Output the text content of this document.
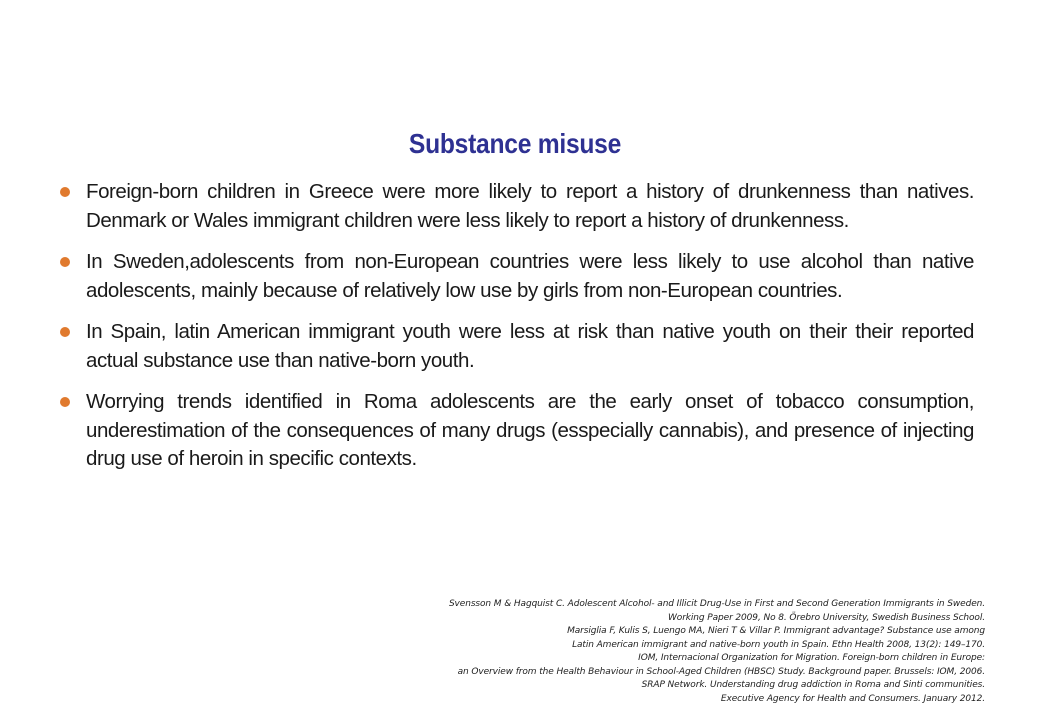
Substance misuse
Foreign-born children in Greece were more likely to report a history of drunkenness than natives. Denmark or Wales immigrant children were less likely to report a history of drunkenness.
In Sweden,adolescents from non-European countries were less likely to use alcohol than native adolescents, mainly because of relatively low use by girls from non-European countries.
In Spain, latin American immigrant youth were less at risk than native youth on their their reported actual substance use than native-born youth.
Worrying trends identified in Roma adolescents are the early onset of tobacco consumption, underestimation of the consequences of many drugs (esspecially cannabis), and presence of injecting drug use of heroin in specific contexts.
Svensson M & Hagquist C. Adolescent Alcohol- and Illicit Drug-Use in First and Second Generation Immigrants in Sweden.
Working Paper 2009, No 8. Örebro University, Swedish Business School.
Marsiglia F, Kulis S, Luengo MA, Nieri T & Villar P. Immigrant advantage? Substance use among
Latin American immigrant and native-born youth in Spain. Ethn Health 2008, 13(2): 149–170.
IOM, Internacional Organization for Migration. Foreign-born children in Europe:
an Overview from the Health Behaviour in School-Aged Children (HBSC) Study. Background paper. Brussels: IOM, 2006.
SRAP Network. Understanding drug addiction in Roma and Sinti communities.
Executive Agency for Health and Consumers. January 2012.
